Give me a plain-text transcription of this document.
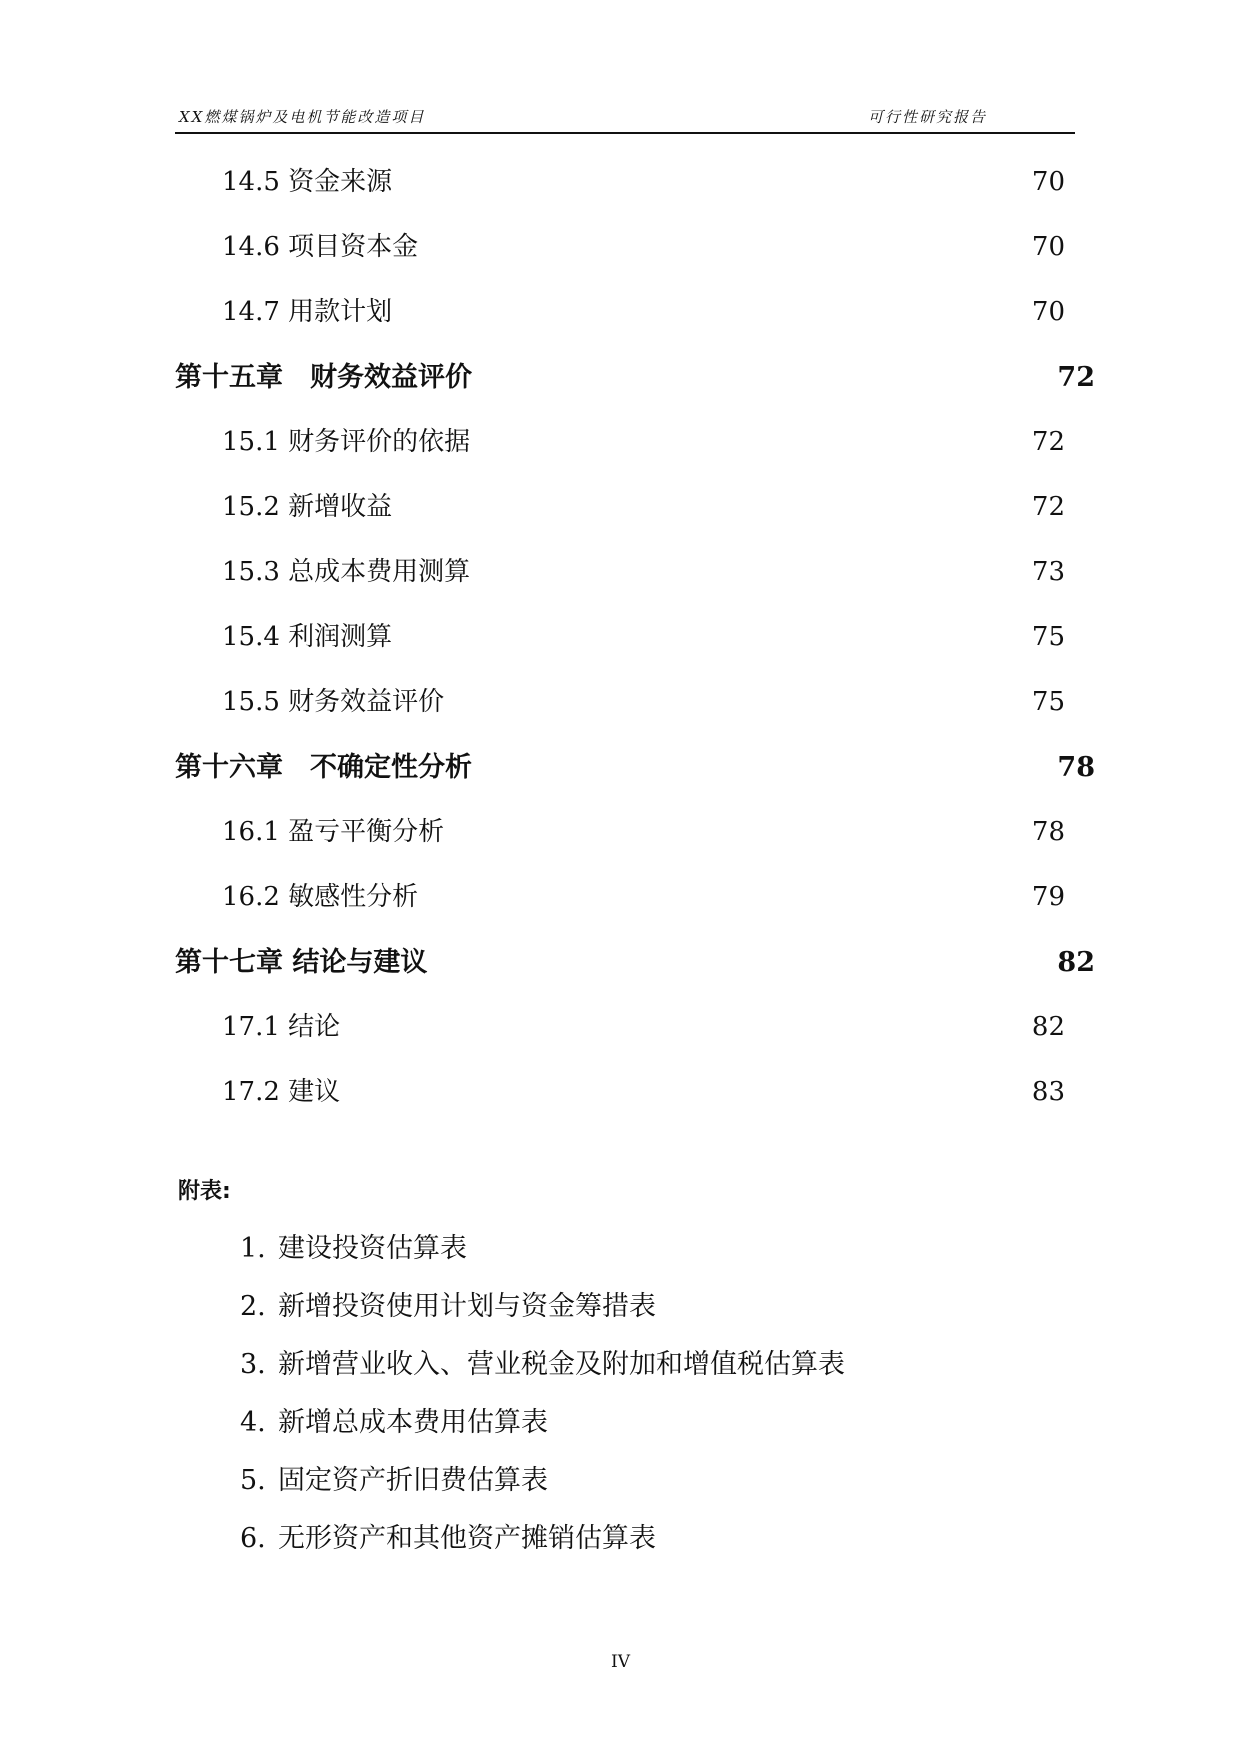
XX燃煤锅炉及电机节能改造项目	可行性研究报告
14.5 资金来源 .....	70
14.6 项目资本金 .....	70
14.7 用款计划 .....	70
第十五章　财务效益评价 .....	72
15.1 财务评价的依据 .....	72
15.2 新增收益 .....	72
15.3 总成本费用测算 .....	73
15.4 利润测算 .....	75
15.5 财务效益评价 .....	75
第十六章　不确定性分析 .....	78
16.1 盈亏平衡分析 .....	78
16.2 敏感性分析 .....	79
第十七章 结论与建议 .....	82
17.1 结论 .....	82
17.2 建议 .....	83
附表:
1. 建设投资估算表
2. 新增投资使用计划与资金筹措表
3. 新增营业收入、营业税金及附加和增值税估算表
4. 新增总成本费用估算表
5. 固定资产折旧费估算表
6. 无形资产和其他资产摊销估算表
IV
